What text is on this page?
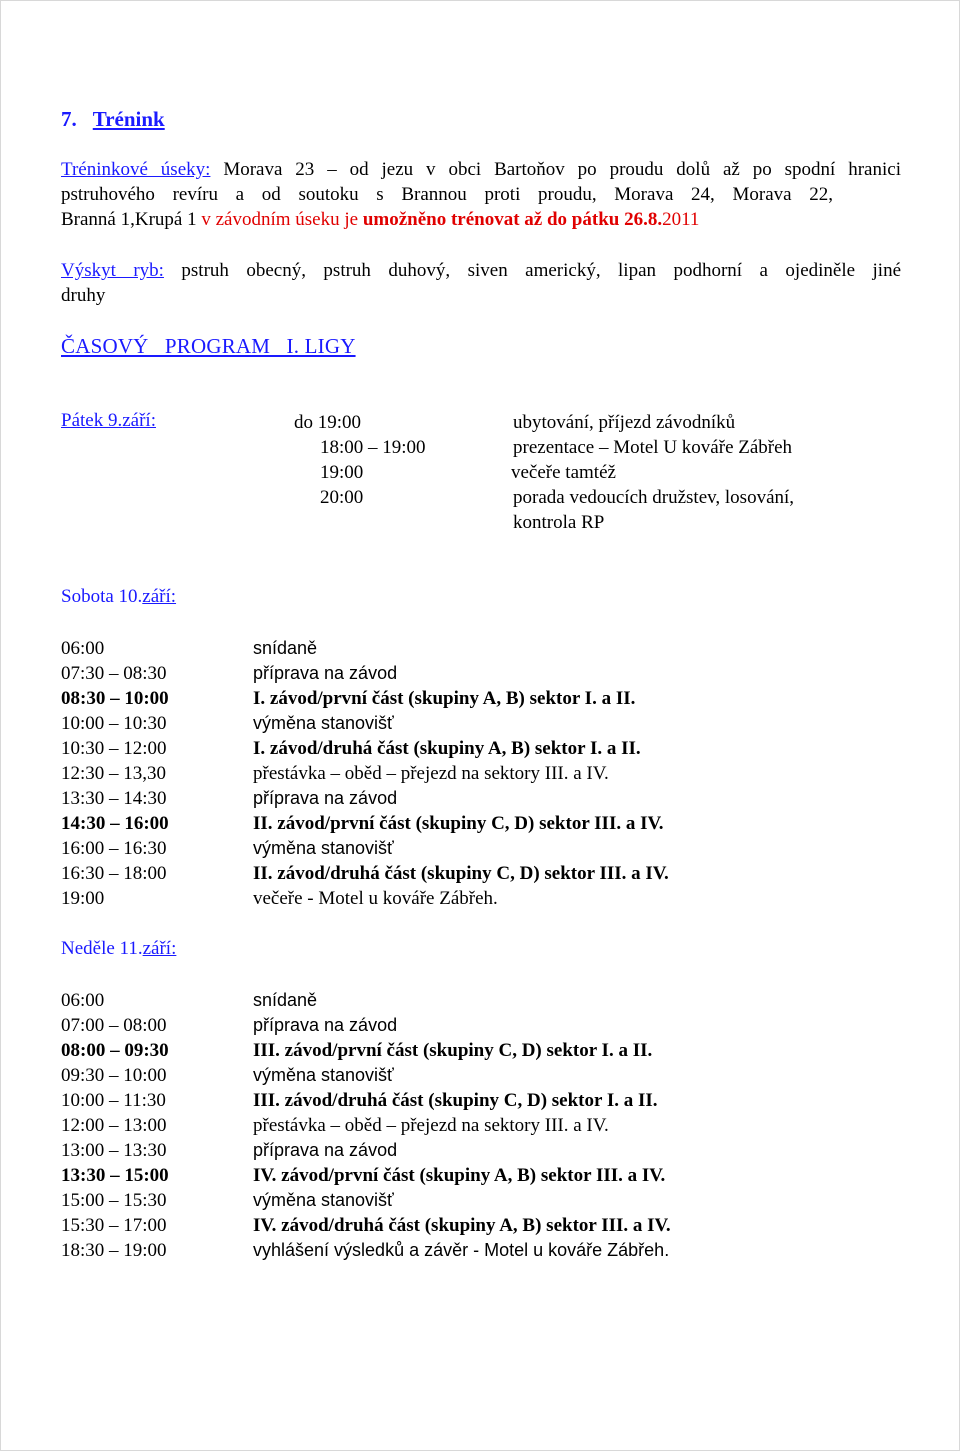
7. Trénink
Tréninkové úseky: Morava 23 – od jezu v obci Bartoňov po proudu dolů až po spodní hranici
pstruhového revíru a od soutoku s Brannou proti proudu, Morava 24, Morava 22,
Branná 1,Krupá 1 v závodním úseku je umožněno trénovat až do pátku 26.8.2011
Výskyt ryb: pstruh obecný, pstruh duhový, siven americký, lipan podhorní a ojediněle jiné
druhy
ČASOVÝ   PROGRAM   I. LIGY
Pátek 9.září:	do 19:00	ubytování, příjezd závodníků
18:00 – 19:00	prezentace – Motel U kováře Zábřeh
19:00	večeře tamtéž
20:00	porada vedoucích družstev, losování,
kontrola RP
Sobota 10.září:
06:00	snídaně
07:30 – 08:30	příprava na závod
08:30 – 10:00	I. závod/první část (skupiny A, B) sektor I. a II.
10:00 – 10:30	výměna stanovišť
10:30 – 12:00	I. závod/druhá část (skupiny A, B) sektor I. a II.
12:30 – 13,30	přestávka – oběd – přejezd na sektory III. a IV.
13:30 – 14:30	příprava na závod
14:30 – 16:00	II. závod/první část (skupiny C, D) sektor III. a IV.
16:00 – 16:30	výměna stanovišť
16:30 – 18:00	II. závod/druhá část (skupiny C, D) sektor III. a IV.
19:00	večeře - Motel u kováře Zábřeh.
Neděle 11.září:
06:00	snídaně
07:00 – 08:00	příprava na závod
08:00 – 09:30	III. závod/první část (skupiny C, D) sektor I. a II.
09:30 – 10:00	výměna stanovišť
10:00 – 11:30	III. závod/druhá část (skupiny C, D) sektor I. a II.
12:00 – 13:00	přestávka – oběd – přejezd na sektory III. a IV.
13:00 – 13:30	příprava na závod
13:30 – 15:00	IV. závod/první část (skupiny A, B) sektor III. a IV.
15:00 – 15:30	výměna stanovišť
15:30 – 17:00	IV. závod/druhá část (skupiny A, B) sektor III. a IV.
18:30 – 19:00	vyhlášení výsledků a závěr - Motel u kováře Zábřeh.
